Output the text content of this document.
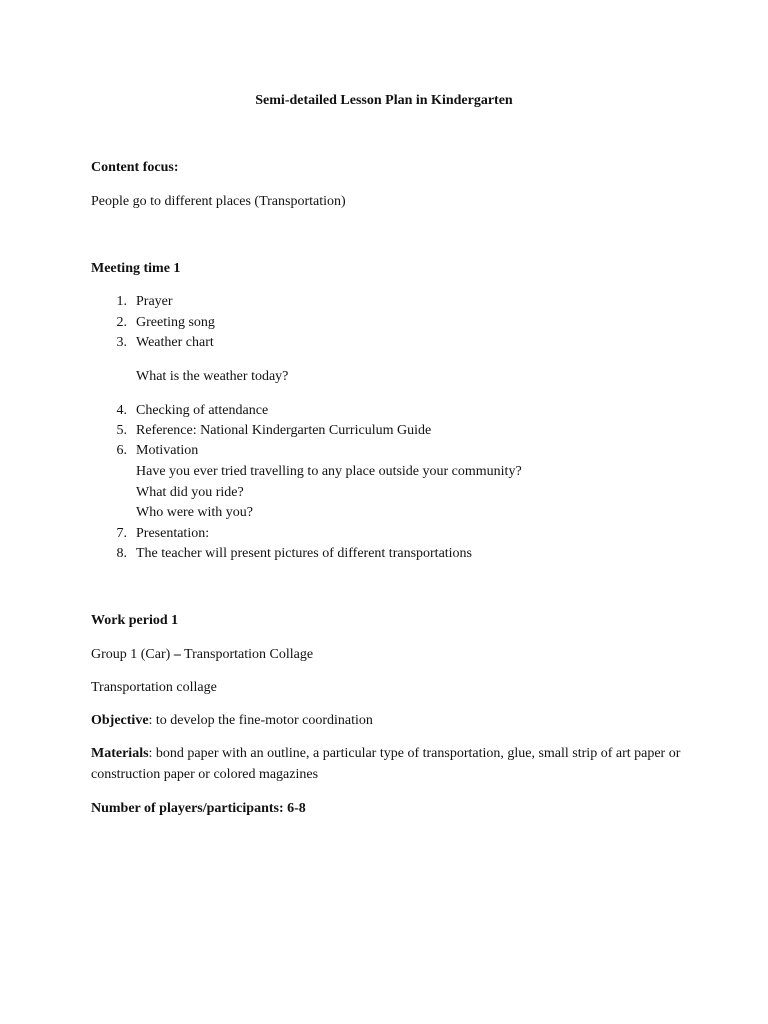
Semi-detailed Lesson Plan in Kindergarten
Content focus:
People go to different places (Transportation)
Meeting time 1
1. Prayer
2. Greeting song
3. Weather chart
What is the weather today?
4. Checking of attendance
5. Reference: National Kindergarten Curriculum Guide
6. Motivation
Have you ever tried travelling to any place outside your community?
What did you ride?
Who were with you?
7. Presentation:
8. The teacher will present pictures of different transportations
Work period 1
Group 1 (Car) – Transportation Collage
Transportation collage
Objective: to develop the fine-motor coordination
Materials: bond paper with an outline, a particular type of transportation, glue, small strip of art paper or construction paper or colored magazines
Number of players/participants: 6-8
